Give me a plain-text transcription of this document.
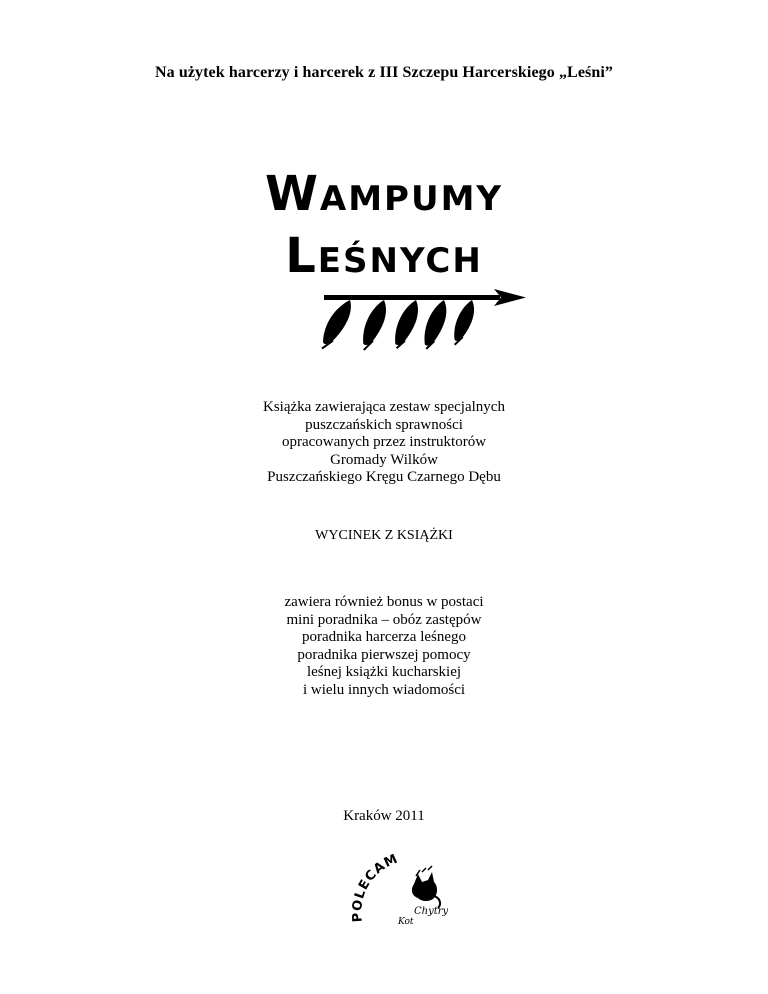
Na użytek harcerzy i harcerek z III Szczepu Harcerskiego „Leśni”
Wampumy
Leśnych
Książka zawierająca zestaw specjalnych
puszczańskich sprawności
opracowanych przez instruktorów
Gromady Wilków
Puszczańskiego Kręgu Czarnego Dębu
WYCINEK Z KSIĄŻKI
zawiera również bonus w postaci
mini poradnika – obóz zastępów
poradnika harcerza leśnego
poradnika pierwszej pomocy
leśnej książki kucharskiej
i wielu innych wiadomości
Kraków 2011
POLECAM
Chytry
Kot
